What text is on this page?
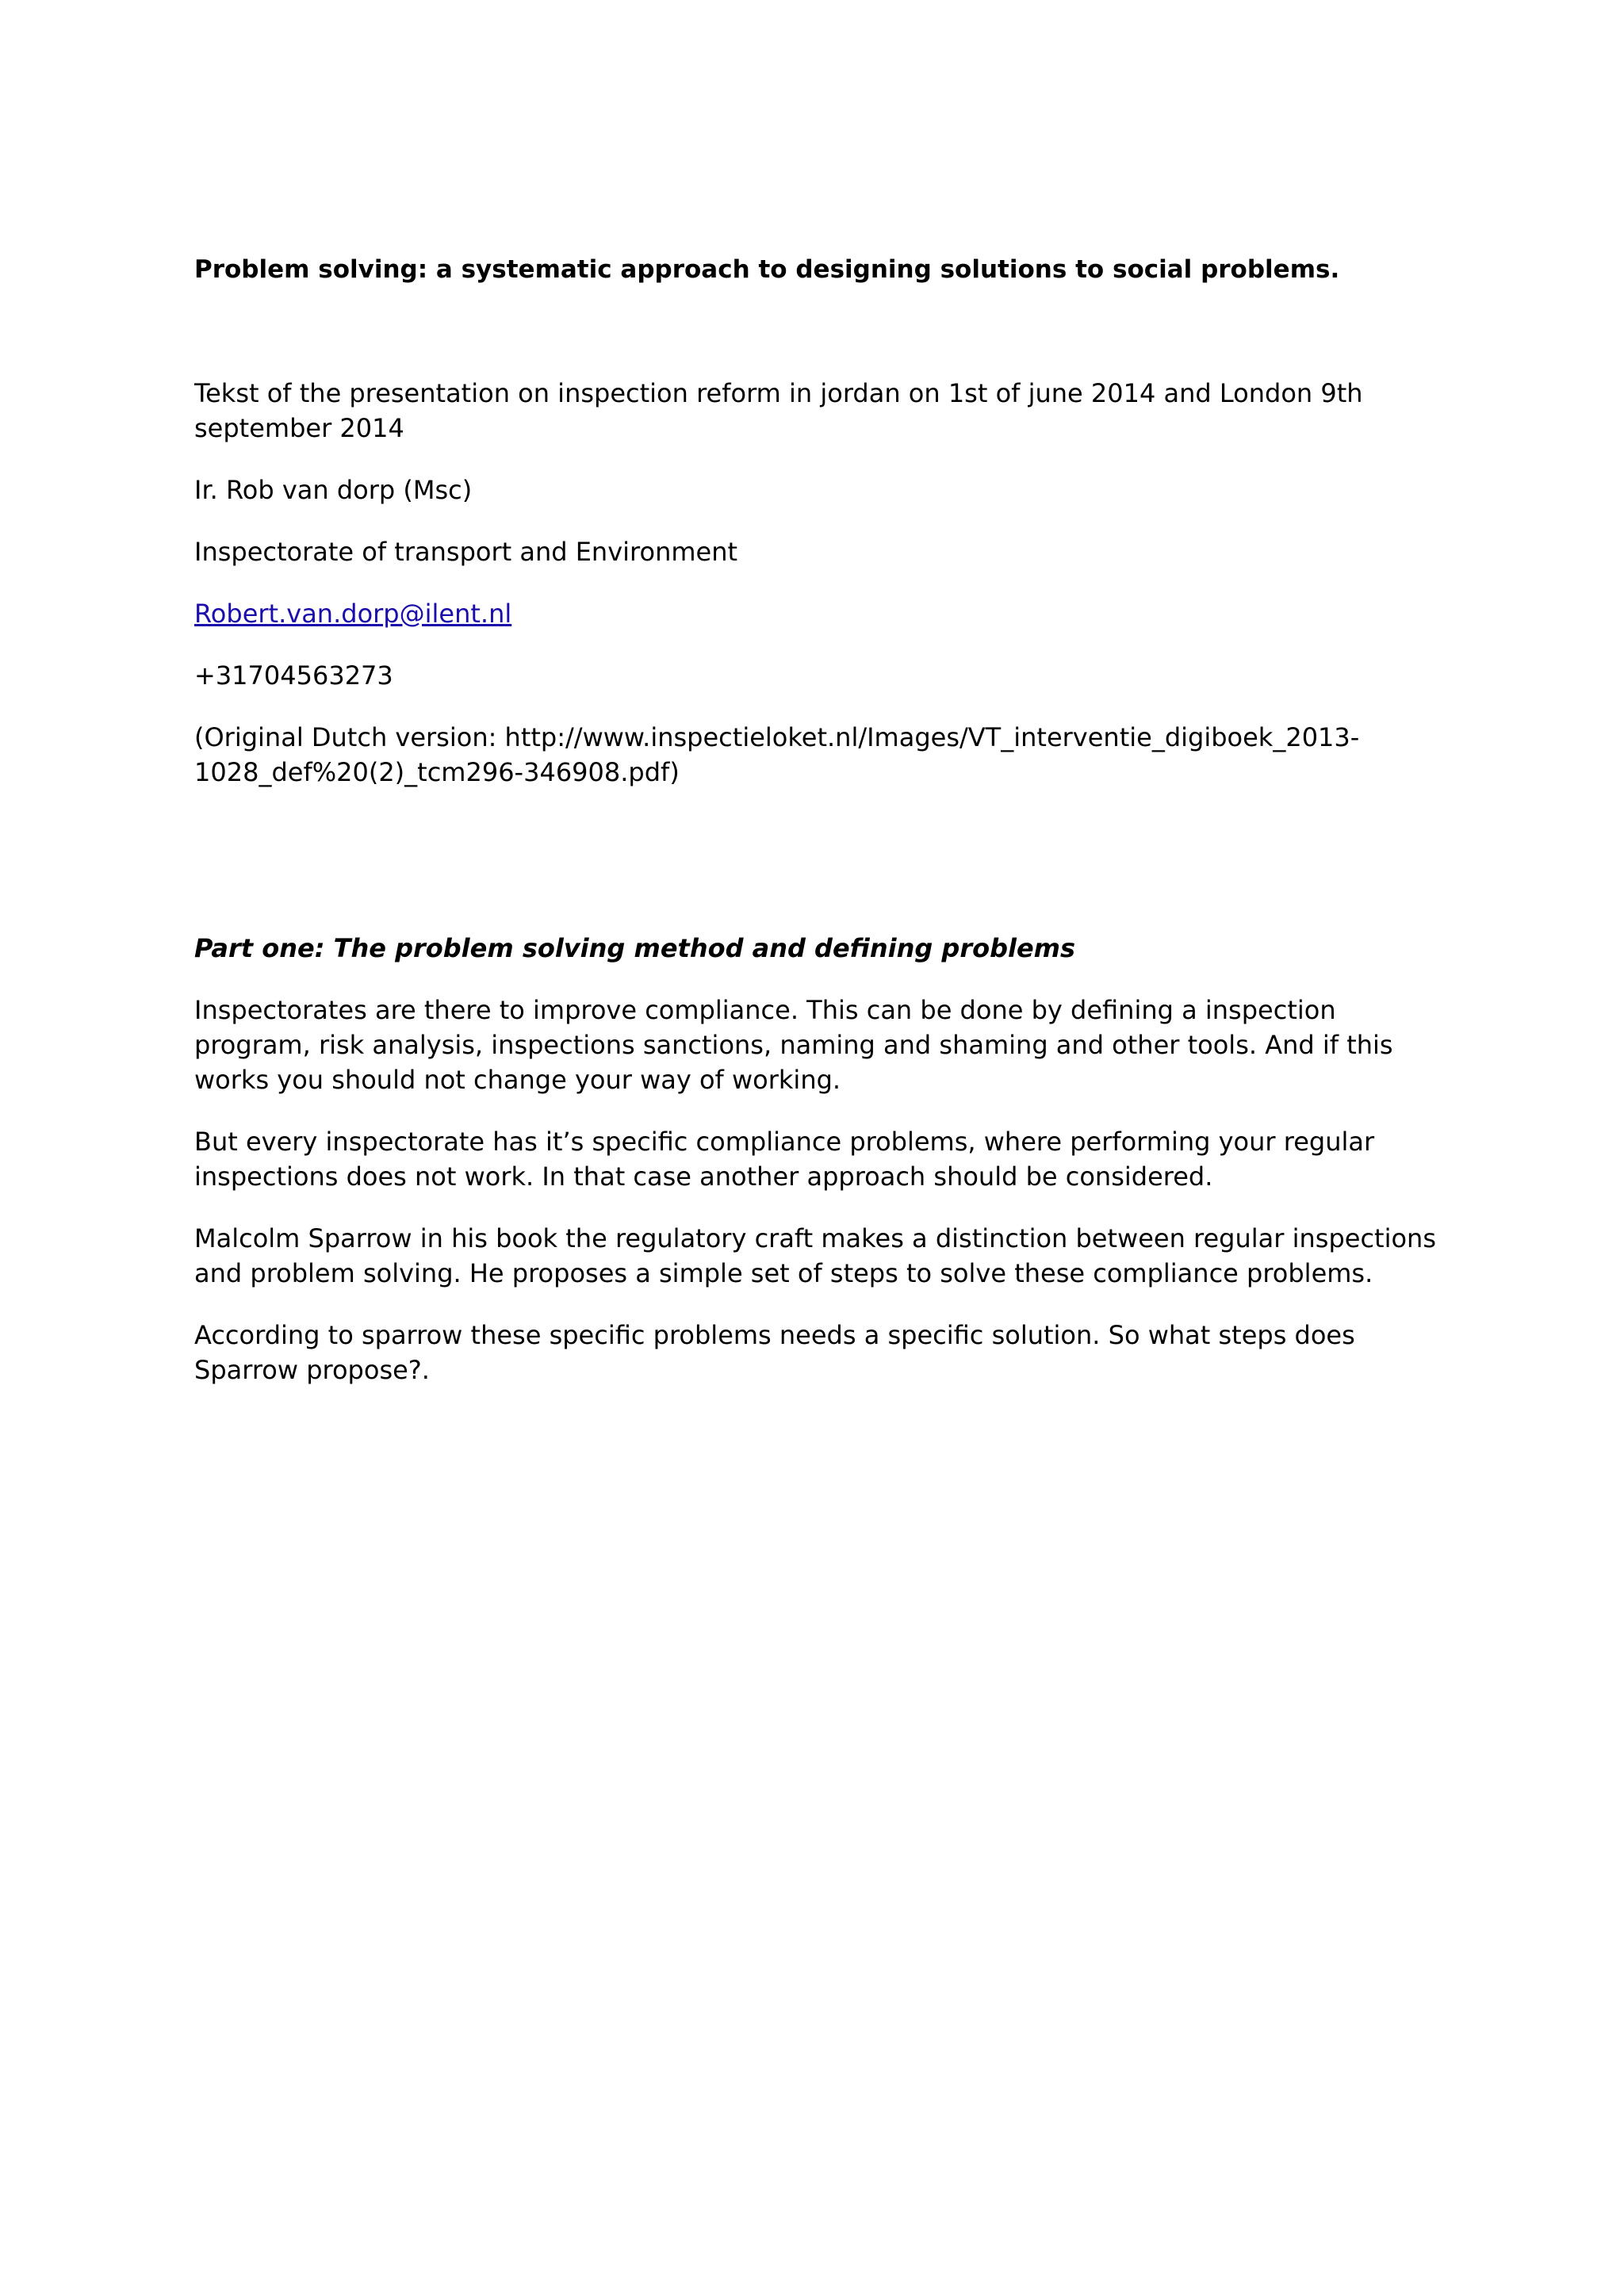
Problem solving: a systematic approach to designing solutions to social problems.

Tekst of the presentation on inspection reform in jordan on 1st of june 2014 and London 9th september 2014

Ir. Rob van dorp (Msc)

Inspectorate of transport and Environment

Robert.van.dorp@ilent.nl

+31704563273

(Original Dutch version: http://www.inspectieloket.nl/Images/VT_interventie_digiboek_2013-1028_def%20(2)_tcm296-346908.pdf)

Part one: The problem solving method and defining problems

Inspectorates are there to improve compliance. This can be done by defining a inspection program, risk analysis, inspections sanctions, naming and shaming and other tools. And if this works you should not change your way of working.

But every inspectorate has it’s specific compliance problems, where performing your regular inspections does not work. In that case another approach should be considered.

Malcolm Sparrow in his book the regulatory craft makes a distinction between regular inspections and problem solving. He proposes a simple set of steps to solve these compliance problems.

According to sparrow these specific problems needs a specific solution. So what steps does Sparrow propose?.
